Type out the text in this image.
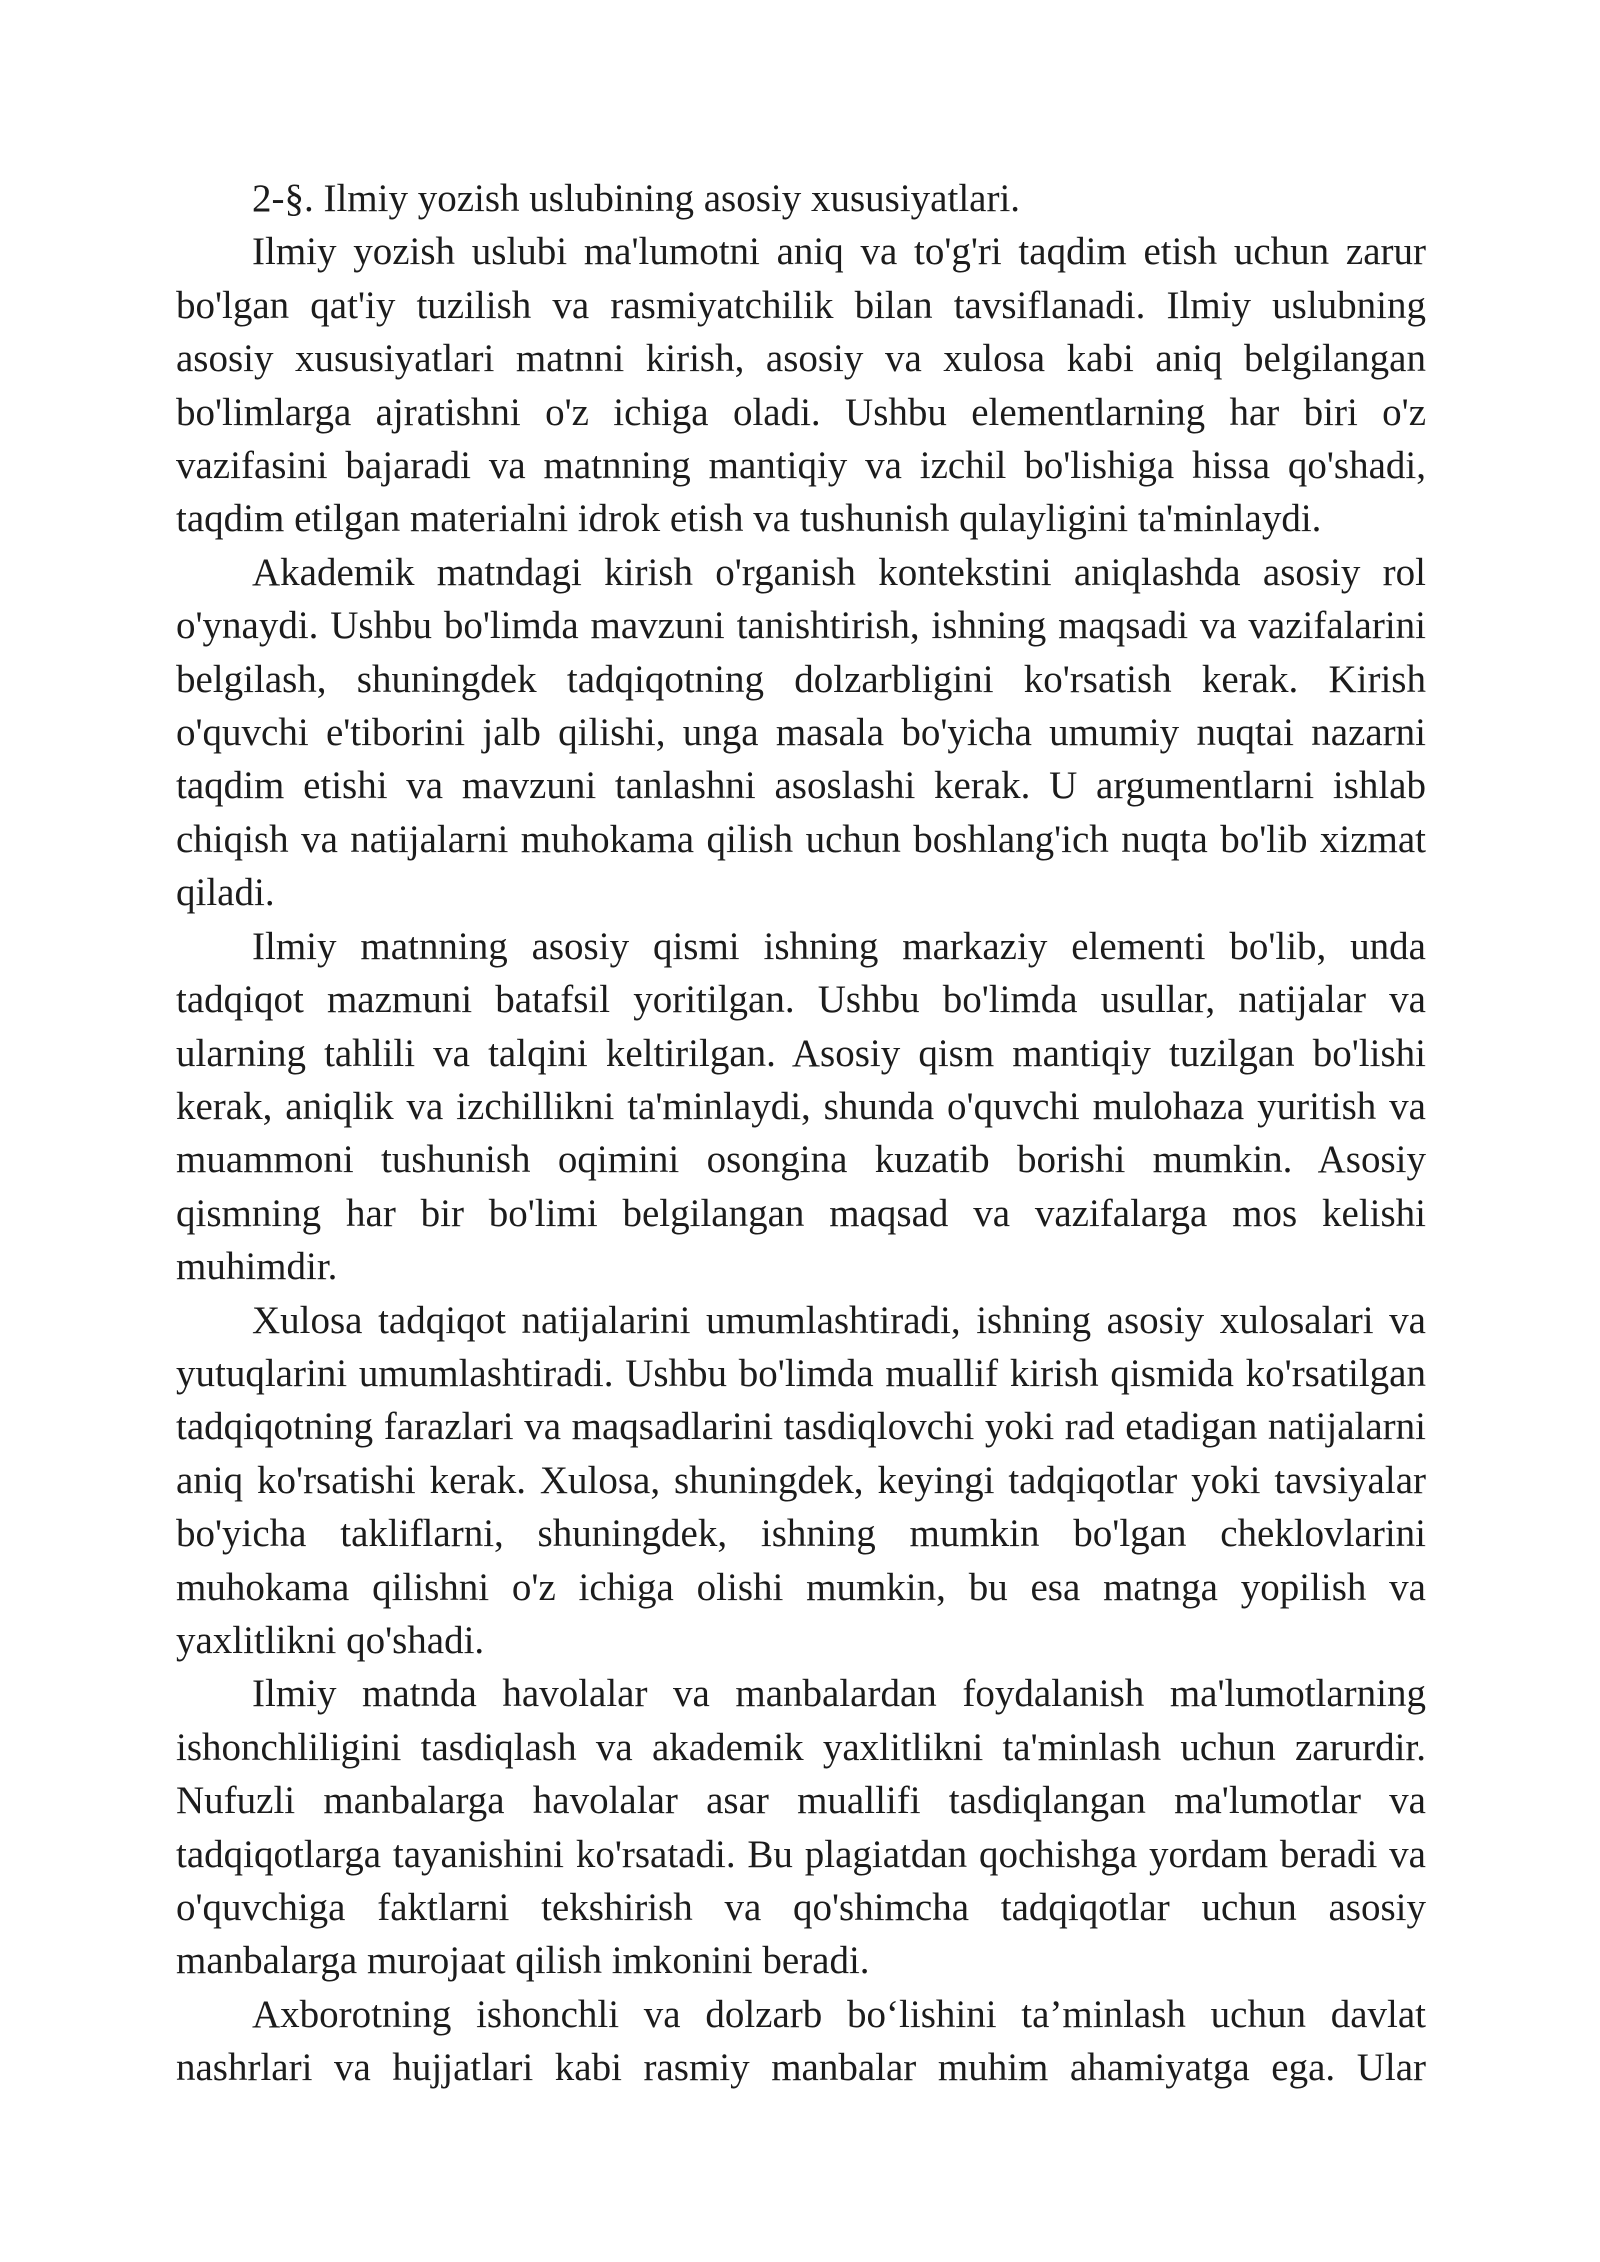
2-§. Ilmiy yozish uslubining asosiy xususiyatlari.

Ilmiy yozish uslubi ma'lumotni aniq va to'g'ri taqdim etish uchun zarur bo'lgan qat'iy tuzilish va rasmiyatchilik bilan tavsiflanadi. Ilmiy uslubning asosiy xususiyatlari matnni kirish, asosiy va xulosa kabi aniq belgilangan bo'limlarga ajratishni o'z ichiga oladi. Ushbu elementlarning har biri o'z vazifasini bajaradi va matnning mantiqiy va izchil bo'lishiga hissa qo'shadi, taqdim etilgan materialni idrok etish va tushunish qulayligini ta'minlaydi.

Akademik matndagi kirish o'rganish kontekstini aniqlashda asosiy rol o'ynaydi. Ushbu bo'limda mavzuni tanishtirish, ishning maqsadi va vazifalarini belgilash, shuningdek tadqiqotning dolzarbligini ko'rsatish kerak. Kirish o'quvchi e'tiborini jalb qilishi, unga masala bo'yicha umumiy nuqtai nazarni taqdim etishi va mavzuni tanlashni asoslashi kerak. U argumentlarni ishlab chiqish va natijalarni muhokama qilish uchun boshlang'ich nuqta bo'lib xizmat qiladi.

Ilmiy matnning asosiy qismi ishning markaziy elementi bo'lib, unda tadqiqot mazmuni batafsil yoritilgan. Ushbu bo'limda usullar, natijalar va ularning tahlili va talqini keltirilgan. Asosiy qism mantiqiy tuzilgan bo'lishi kerak, aniqlik va izchillikni ta'minlaydi, shunda o'quvchi mulohaza yuritish va muammoni tushunish oqimini osongina kuzatib borishi mumkin. Asosiy qismning har bir bo'limi belgilangan maqsad va vazifalarga mos kelishi muhimdir.

Xulosa tadqiqot natijalarini umumlashtiradi, ishning asosiy xulosalari va yutuqlarini umumlashtiradi. Ushbu bo'limda muallif kirish qismida ko'rsatilgan tadqiqotning farazlari va maqsadlarini tasdiqlovchi yoki rad etadigan natijalarni aniq ko'rsatishi kerak. Xulosa, shuningdek, keyingi tadqiqotlar yoki tavsiyalar bo'yicha takliflarni, shuningdek, ishning mumkin bo'lgan cheklovlarini muhokama qilishni o'z ichiga olishi mumkin, bu esa matnga yopilish va yaxlitlikni qo'shadi.

Ilmiy matnda havolalar va manbalardan foydalanish ma'lumotlarning ishonchliligini tasdiqlash va akademik yaxlitlikni ta'minlash uchun zarurdir. Nufuzli manbalarga havolalar asar muallifi tasdiqlangan ma'lumotlar va tadqiqotlarga tayanishini ko'rsatadi. Bu plagiatdan qochishga yordam beradi va o'quvchiga faktlarni tekshirish va qo'shimcha tadqiqotlar uchun asosiy manbalarga murojaat qilish imkonini beradi.

Axborotning ishonchli va dolzarb bo‘lishini ta’minlash uchun davlat nashrlari va hujjatlari kabi rasmiy manbalar muhim ahamiyatga ega. Ular
